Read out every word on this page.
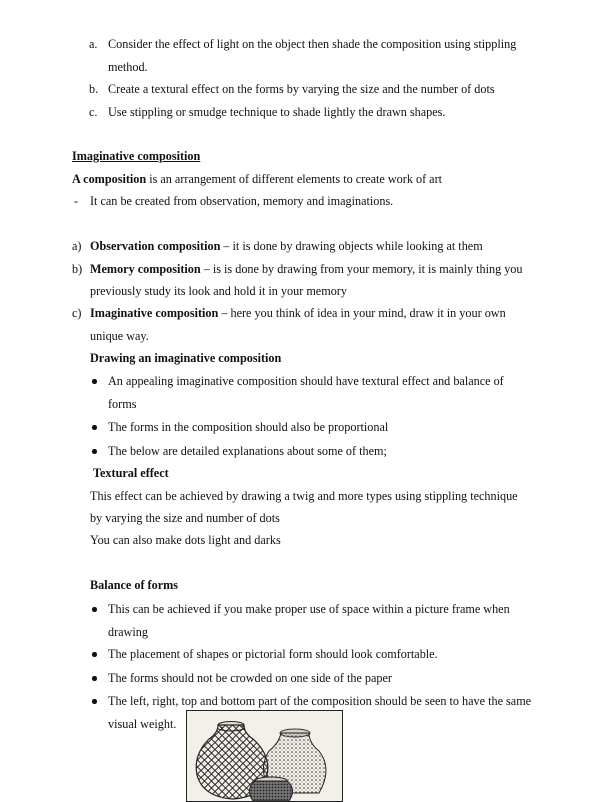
a. Consider the effect of light on the object then shade the composition using stippling
method.
b. Create a textural effect on the forms by varying the size and the number of dots
c. Use stippling or smudge technique to shade lightly the drawn shapes.
Imaginative composition
A composition is an arrangement of different elements to create work of art
- It can be created from observation, memory and imaginations.
a) Observation composition – it is done by drawing objects while looking at them
b) Memory composition – is is done by drawing from your memory, it is mainly thing you
previously study its look and hold it in your memory
c) Imaginative composition – here you think of idea in your mind, draw it in your own
unique way.
Drawing an imaginative composition
An appealing imaginative composition should have textural effect and balance of
forms
The forms in the composition should also be proportional
The below are detailed explanations about some of them;
Textural effect
This effect can be achieved by drawing a twig and more types using stippling technique
by varying the size and number of dots
You can also make dots light and darks
Balance of forms
This can be achieved if you make proper use of space within a picture frame when
drawing
The placement of shapes or pictorial form should look comfortable.
The forms should not be crowded on one side of the paper
The left, right, top and bottom part of the composition should be seen to have the same
visual weight.
